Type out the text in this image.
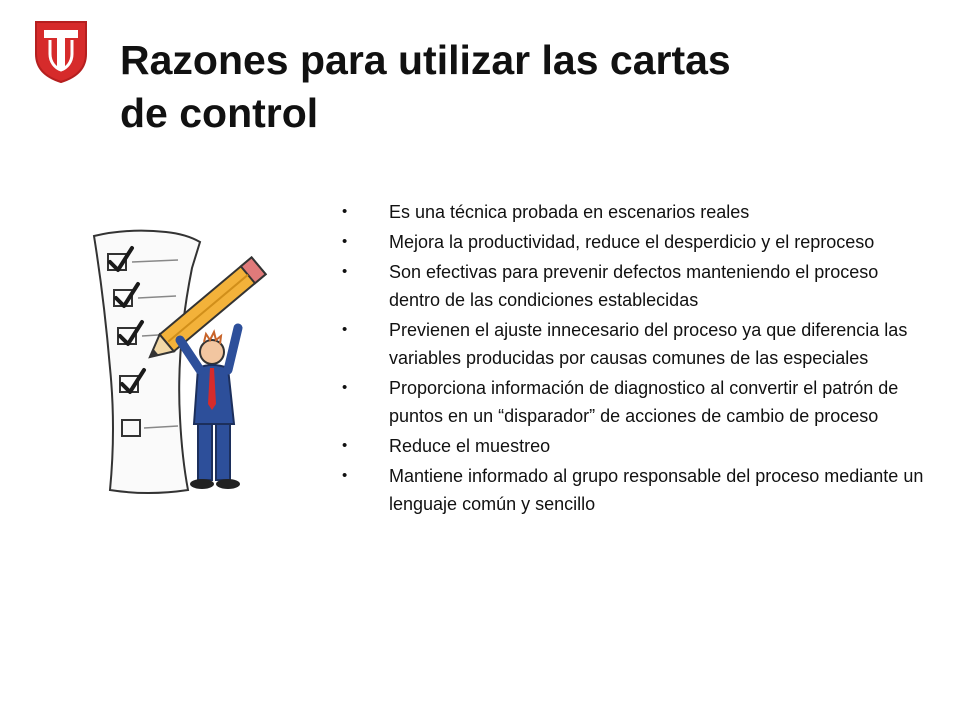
Razones para utilizar las cartas
de control
• Es una técnica probada en escenarios reales
• Mejora la productividad, reduce el desperdicio y el reproceso
• Son efectivas para prevenir defectos manteniendo el proceso dentro de las condiciones establecidas
• Previenen el ajuste innecesario del proceso ya que diferencia las variables producidas por causas comunes de las especiales
• Proporciona información de diagnostico al convertir el patrón de puntos en un “disparador” de acciones de cambio de proceso
• Reduce el muestreo
• Mantiene informado al grupo responsable del proceso mediante un lenguaje común y sencillo
